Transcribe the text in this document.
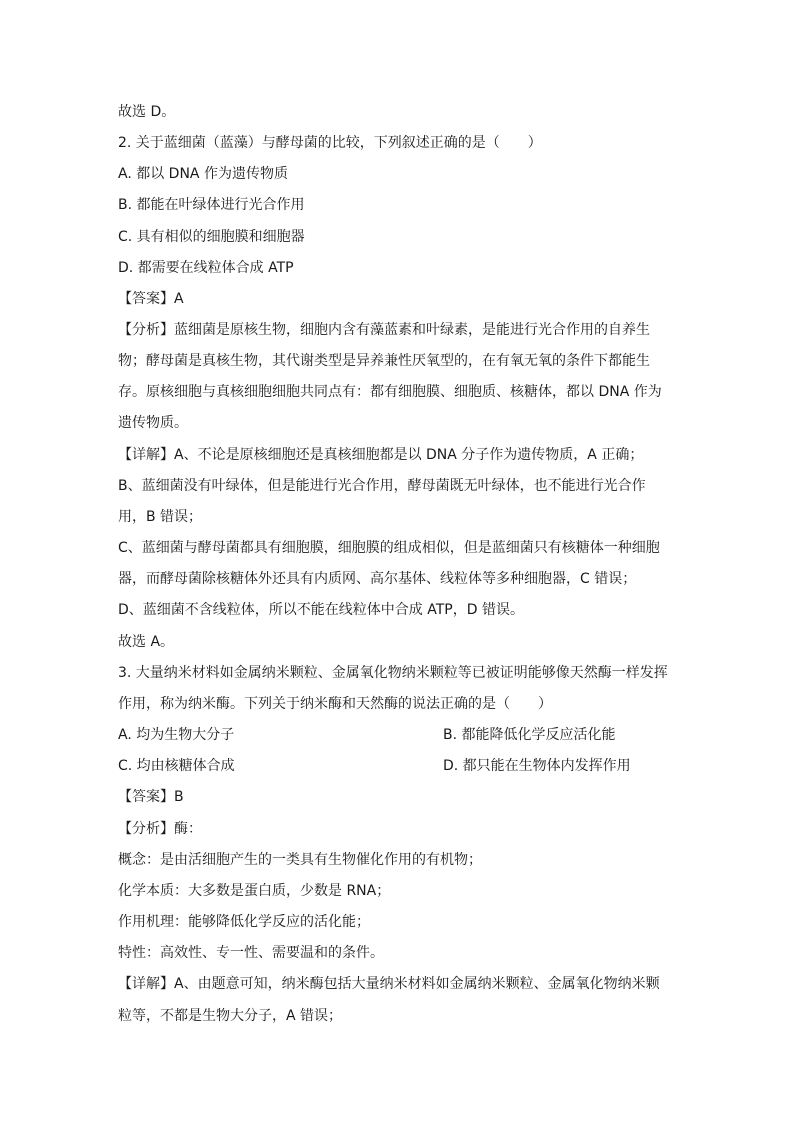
故选 D。
2. 关于蓝细菌（蓝藻）与酵母菌的比较，下列叙述正确的是（　　）
A. 都以 DNA 作为遗传物质
B. 都能在叶绿体进行光合作用
C. 具有相似的细胞膜和细胞器
D. 都需要在线粒体合成 ATP
【答案】A
【分析】蓝细菌是原核生物，细胞内含有藻蓝素和叶绿素，是能进行光合作用的自养生
物；酵母菌是真核生物，其代谢类型是异养兼性厌氧型的，在有氧无氧的条件下都能生
存。原核细胞与真核细胞细胞共同点有：都有细胞膜、细胞质、核糖体，都以 DNA 作为
遗传物质。
【详解】A、不论是原核细胞还是真核细胞都是以 DNA 分子作为遗传物质，A 正确；
B、蓝细菌没有叶绿体，但是能进行光合作用，酵母菌既无叶绿体，也不能进行光合作
用，B 错误；
C、蓝细菌与酵母菌都具有细胞膜，细胞膜的组成相似，但是蓝细菌只有核糖体一种细胞
器，而酵母菌除核糖体外还具有内质网、高尔基体、线粒体等多种细胞器，C 错误；
D、蓝细菌不含线粒体，所以不能在线粒体中合成 ATP，D 错误。
故选 A。
3. 大量纳米材料如金属纳米颗粒、金属氧化物纳米颗粒等已被证明能够像天然酶一样发挥
作用，称为纳米酶。下列关于纳米酶和天然酶的说法正确的是（　　）
A. 均为生物大分子	B. 都能降低化学反应活化能
C. 均由核糖体合成	D. 都只能在生物体内发挥作用
【答案】B
【分析】酶：
概念：是由活细胞产生的一类具有生物催化作用的有机物；
化学本质：大多数是蛋白质，少数是 RNA；
作用机理：能够降低化学反应的活化能；
特性：高效性、专一性、需要温和的条件。
【详解】A、由题意可知，纳米酶包括大量纳米材料如金属纳米颗粒、金属氧化物纳米颗
粒等，不都是生物大分子，A 错误；
